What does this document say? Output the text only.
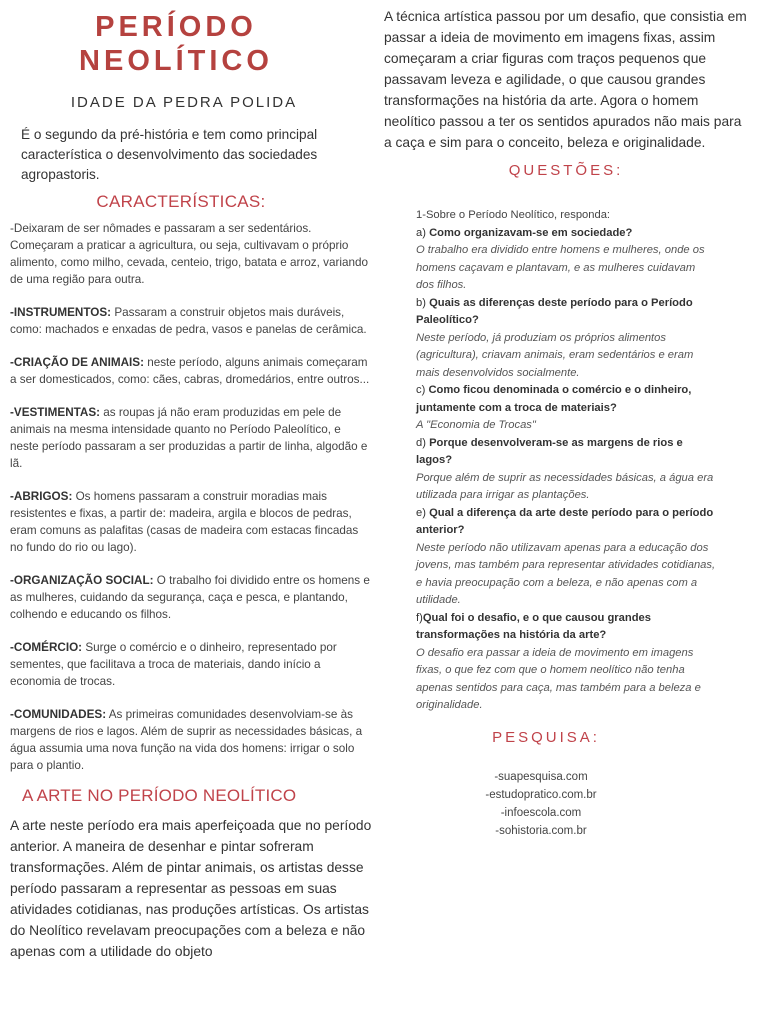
PERÍODO
NEOLÍTICO
IDADE DA PEDRA POLIDA
É o segundo da pré-história e tem como principal característica o desenvolvimento das sociedades agropastoris.
CARACTERÍSTICAS:
-Deixaram de ser nômades e passaram a ser sedentários. Começaram a praticar a agricultura, ou seja, cultivavam o próprio alimento, como milho, cevada, centeio, trigo, batata e arroz, variando de uma região para outra.
-INSTRUMENTOS: Passaram a construir objetos mais duráveis, como: machados e enxadas de pedra, vasos e panelas de cerâmica.
-CRIAÇÃO DE ANIMAIS: neste período, alguns animais começaram a ser domesticados, como: cães, cabras, dromedários, entre outros...
-VESTIMENTAS: as roupas já não eram produzidas em pele de animais na mesma intensidade quanto no Período Paleolítico, e neste período passaram a ser produzidas a partir de linha, algodão e lã.
-ABRIGOS: Os homens passaram a construir moradias mais resistentes e fixas, a partir de: madeira, argila e blocos de pedras, eram comuns as palafitas (casas de madeira com estacas fincadas no fundo do rio ou lago).
-ORGANIZAÇÃO SOCIAL: O trabalho foi dividido entre os homens e as mulheres, cuidando da segurança, caça e pesca, e plantando, colhendo e educando os filhos.
-COMÉRCIO: Surge o comércio e o dinheiro, representado por sementes, que facilitava a troca de materiais, dando início a economia de trocas.
-COMUNIDADES: As primeiras comunidades desenvolviam-se às margens de rios e lagos. Além de suprir as necessidades básicas, a água assumia uma nova função na vida dos homens: irrigar o solo para o plantio.
A ARTE NO PERÍODO NEOLÍTICO
A arte neste período era mais aperfeiçoada que no período anterior. A maneira de desenhar e pintar sofreram transformações. Além de pintar animais, os artistas desse período passaram a representar as pessoas em suas atividades cotidianas, nas produções artísticas. Os artistas do Neolítico revelavam preocupações com a beleza e não apenas com a utilidade do objeto
A técnica artística passou por um desafio, que consistia em passar a ideia de movimento em imagens fixas, assim começaram a criar figuras com traços pequenos que passavam leveza e agilidade, o que causou grandes transformações na história da arte. Agora o homem neolítico passou a ter os sentidos apurados não mais para a caça e sim para o conceito, beleza e originalidade.
QUESTÕES:
1-Sobre o Período Neolítico, responda:
a) Como organizavam-se em sociedade?
O trabalho era dividido entre homens e mulheres, onde os homens caçavam e plantavam, e as mulheres cuidavam dos filhos.
b) Quais as diferenças deste período para o Período Paleolítico?
Neste período, já produziam os próprios alimentos (agricultura), criavam animais, eram sedentários e eram mais desenvolvidos socialmente.
c) Como ficou denominada o comércio e o dinheiro, juntamente com a troca de materiais?
A "Economia de Trocas"
d) Porque desenvolveram-se as margens de rios e lagos?
Porque além de suprir as necessidades básicas, a água era utilizada para irrigar as plantações.
e) Qual a diferença da arte deste período para o período anterior?
Neste período não utilizavam apenas para a educação dos jovens, mas também para representar atividades cotidianas, e havia preocupação com a beleza, e não apenas com a utilidade.
f)Qual foi o desafio, e o que causou grandes transformações na história da arte?
O desafio era passar a ideia de movimento em imagens fixas, o que fez com que o homem neolítico não tenha apenas sentidos para caça, mas também para a beleza e originalidade.
PESQUISA:
-suapesquisa.com
-estudopratico.com.br
-infoescola.com
-sohistoria.com.br
